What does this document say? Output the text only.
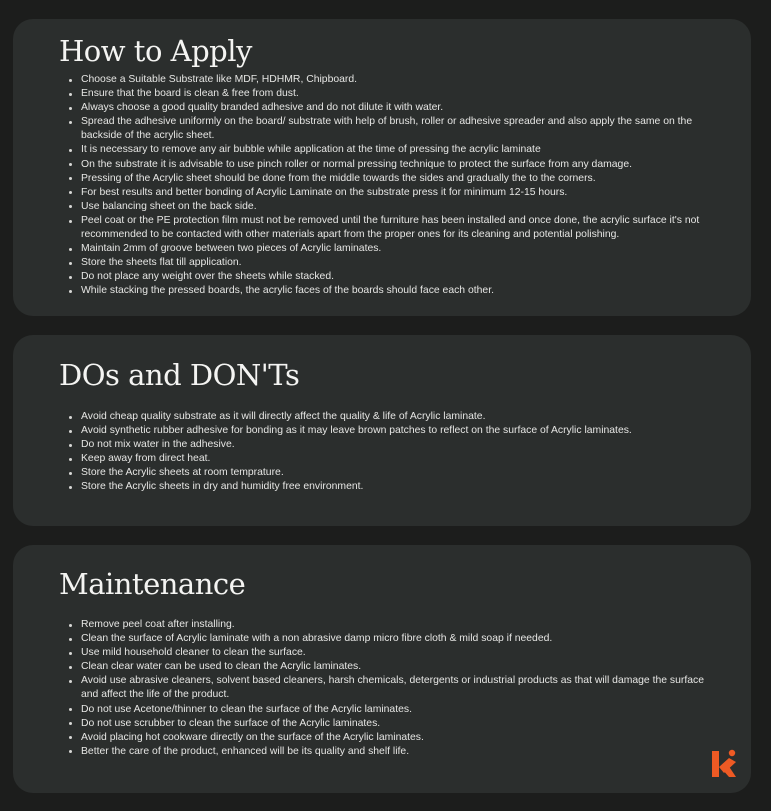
How to Apply
Choose a Suitable Substrate like MDF, HDHMR, Chipboard.
Ensure that the board is clean & free from dust.
Always choose a good quality branded adhesive and do not dilute it with water.
Spread the adhesive uniformly on the board/ substrate with help of brush, roller or adhesive spreader and also apply the same on the backside of the acrylic sheet.
It is necessary to remove any air bubble while application at the time of pressing the acrylic laminate
On the substrate it is advisable to use pinch roller or normal pressing technique to protect the surface from any damage.
Pressing of the Acrylic sheet should be done from the middle towards the sides and gradually the to the corners.
For best results and better bonding of Acrylic Laminate on the substrate press it for minimum 12-15 hours.
Use balancing sheet on the back side.
Peel coat or the PE protection film must not be removed until the furniture has been installed and once done, the acrylic surface it's not recommended to be contacted with other materials apart from the proper ones for its cleaning and potential polishing.
Maintain 2mm of groove between two pieces of Acrylic laminates.
Store the sheets flat till application.
Do not place any weight over the sheets while stacked.
While stacking the pressed boards, the acrylic faces of the boards should face each other.
DOs and DON'Ts
Avoid cheap quality substrate as it will directly affect the quality & life of Acrylic laminate.
Avoid synthetic rubber adhesive for bonding as it may leave brown patches to reflect on the surface of Acrylic laminates.
Do not mix water in the adhesive.
Keep away from direct heat.
Store the Acrylic sheets at room temprature.
Store the Acrylic sheets in dry and humidity free environment.
Maintenance
Remove peel coat after installing.
Clean the surface of Acrylic laminate with a non abrasive damp micro fibre cloth & mild soap if needed.
Use mild household cleaner to clean the surface.
Clean clear water can be used to clean the Acrylic laminates.
Avoid use abrasive cleaners, solvent based cleaners, harsh chemicals, detergents or industrial products as that will damage the surface and affect the life of the product.
Do not use Acetone/thinner to clean the surface of the Acrylic laminates.
Do not use scrubber to clean the surface of the Acrylic laminates.
Avoid placing hot cookware directly on the surface of the Acrylic laminates.
Better the care of the product, enhanced will be its quality and shelf life.
